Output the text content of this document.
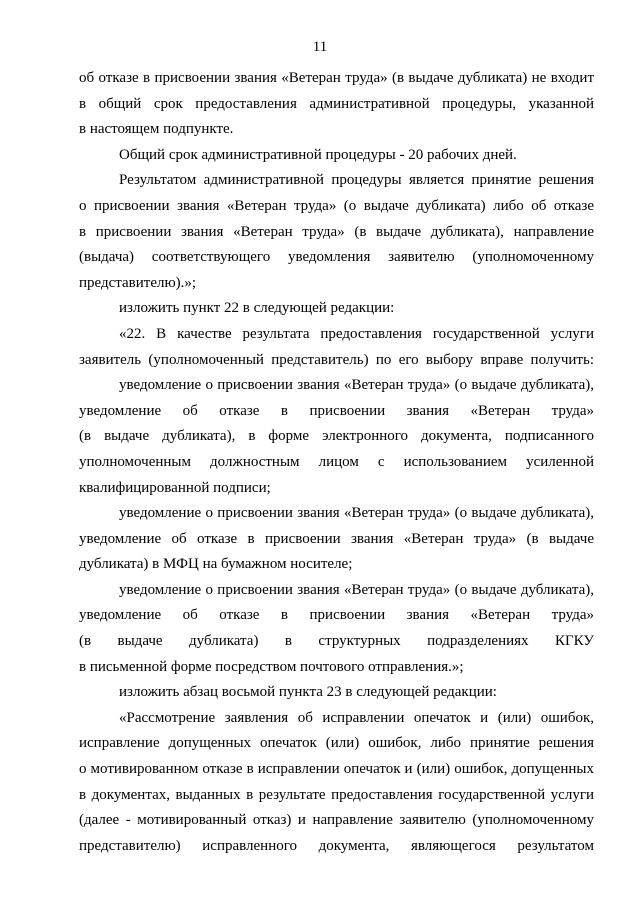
11
об отказе в присвоении звания «Ветеран труда» (в выдаче дубликата) не входит
в общий срок предоставления административной процедуры, указанной
в настоящем подпункте.
Общий срок административной процедуры - 20 рабочих дней.
Результатом административной процедуры является принятие решения
о присвоении звания «Ветеран труда» (о выдаче дубликата) либо об отказе
в присвоении звания «Ветеран труда» (в выдаче дубликата), направление
(выдача) соответствующего уведомления заявителю (уполномоченному
представителю).»;
изложить пункт 22 в следующей редакции:
«22. В качестве результата предоставления государственной услуги
заявитель (уполномоченный представитель) по его выбору вправе получить:
уведомление о присвоении звания «Ветеран труда» (о выдаче дубликата),
уведомление об отказе в присвоении звания «Ветеран труда»
(в выдаче дубликата), в форме электронного документа, подписанного
уполномоченным должностным лицом с использованием усиленной
квалифицированной подписи;
уведомление о присвоении звания «Ветеран труда» (о выдаче дубликата),
уведомление об отказе в присвоении звания «Ветеран труда» (в выдаче
дубликата) в МФЦ на бумажном носителе;
уведомление о присвоении звания «Ветеран труда» (о выдаче дубликата),
уведомление об отказе в присвоении звания «Ветеран труда»
(в выдаче дубликата) в структурных подразделениях КГКУ
в письменной форме посредством почтового отправления.»;
изложить абзац восьмой пункта 23 в следующей редакции:
«Рассмотрение заявления об исправлении опечаток и (или) ошибок,
исправление допущенных опечаток (или) ошибок, либо принятие решения
о мотивированном отказе в исправлении опечаток и (или) ошибок, допущенных
в документах, выданных в результате предоставления государственной услуги
(далее - мотивированный отказ) и направление заявителю (уполномоченному
представителю) исправленного документа, являющегося результатом
